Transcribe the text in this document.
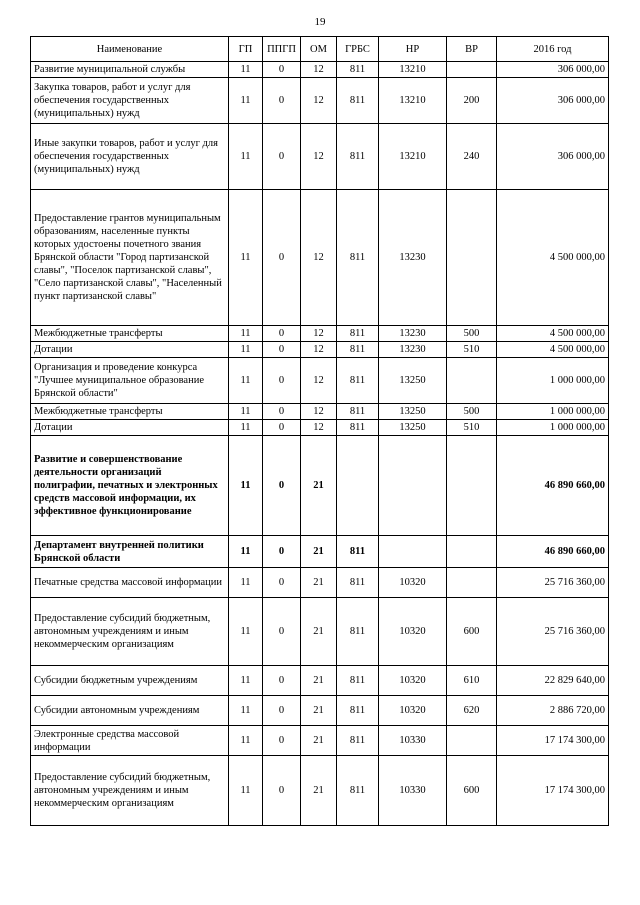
19
Наименование	ГП	ППГП	ОМ	ГРБС	НР	ВР	2016 год
Развитие муниципальной службы	11	0	12	811	13210		306 000,00
Закупка товаров, работ и услуг для обеспечения государственных (муниципальных) нужд	11	0	12	811	13210	200	306 000,00
Иные закупки товаров, работ и услуг для обеспечения государственных (муниципальных) нужд	11	0	12	811	13210	240	306 000,00
Предоставление грантов муниципальным образованиям, населенные пункты которых удостоены почетного звания Брянской области "Город партизанской славы", "Поселок партизанской славы", "Село партизанской славы", "Населенный пункт партизанской славы"	11	0	12	811	13230		4 500 000,00
Межбюджетные трансферты	11	0	12	811	13230	500	4 500 000,00
Дотации	11	0	12	811	13230	510	4 500 000,00
Организация и проведение конкурса "Лучшее муниципальное образование Брянской области"	11	0	12	811	13250		1 000 000,00
Межбюджетные трансферты	11	0	12	811	13250	500	1 000 000,00
Дотации	11	0	12	811	13250	510	1 000 000,00
Развитие и совершенствование деятельности организаций полиграфии, печатных и электронных средств массовой информации, их эффективное функционирование	11	0	21				46 890 660,00
Департамент внутренней политики Брянской области	11	0	21	811			46 890 660,00
Печатные средства массовой информации	11	0	21	811	10320		25 716 360,00
Предоставление субсидий бюджетным, автономным учреждениям и иным некоммерческим организациям	11	0	21	811	10320	600	25 716 360,00
Субсидии бюджетным учреждениям	11	0	21	811	10320	610	22 829 640,00
Субсидии автономным учреждениям	11	0	21	811	10320	620	2 886 720,00
Электронные средства массовой информации	11	0	21	811	10330		17 174 300,00
Предоставление субсидий бюджетным, автономным учреждениям и иным некоммерческим организациям	11	0	21	811	10330	600	17 174 300,00
